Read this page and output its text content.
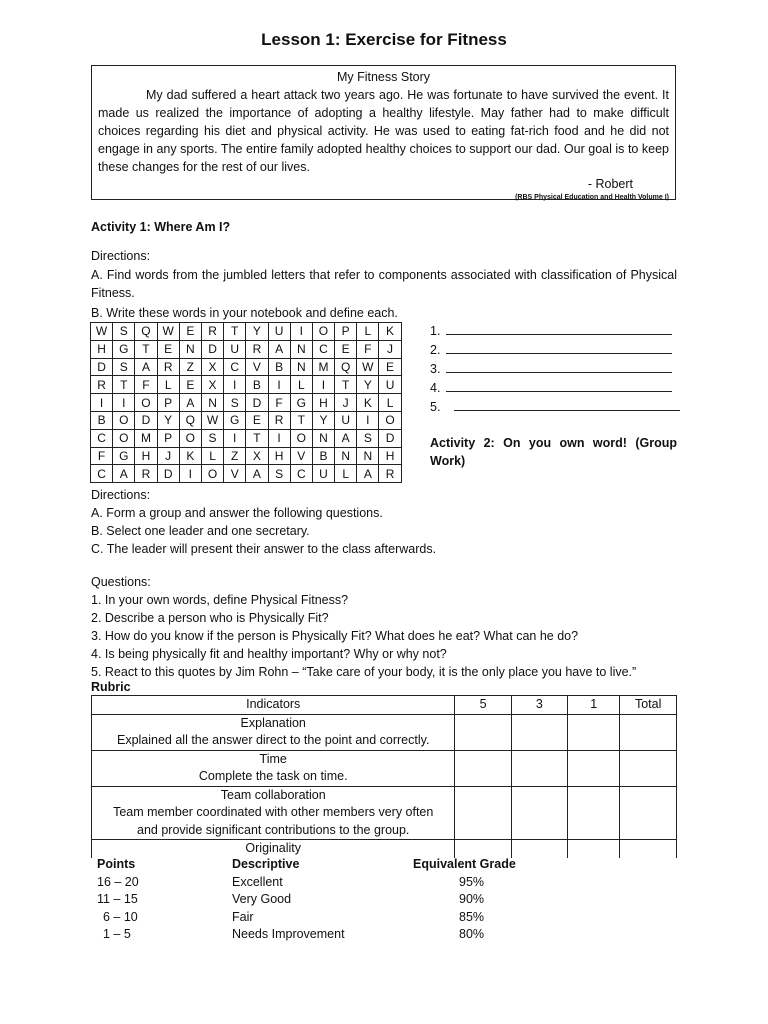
Lesson 1: Exercise for Fitness
My Fitness Story

My dad suffered a heart attack two years ago. He was fortunate to have survived the event. It made us realized the importance of adopting a healthy lifestyle. May father had to make difficult choices regarding his diet and physical activity. He was used to eating fat-rich food and he did not engage in any sports. The entire family adopted healthy choices to support our dad. Our goal is to keep these changes for the rest of our lives.

- Robert
(RBS Physical Education and Health Volume I)
Activity 1: Where Am I?
Directions:
A. Find words from the jumbled letters that refer to components associated with classification of Physical Fitness.
B. Write these words in your notebook and define each.
W	S	Q	W	E	R	T	Y	U	I	O	P	L	K
H	G	T	E	N	D	U	R	A	N	C	E	F	J
D	S	A	R	Z	X	C	V	B	N	M	Q	W	E
R	T	F	L	E	X	I	B	I	L	I	T	Y	U
I	I	O	P	A	N	S	D	F	G	H	J	K	L
B	O	D	Y	Q	W	G	E	R	T	Y	U	I	O
C	O	M	P	O	S	I	T	I	O	N	A	S	D
F	G	H	J	K	L	Z	X	H	V	B	N	N	H
C	A	R	D	I	O	V	A	S	C	U	L	A	R
1.
2.
3.
4.
5.
Activity 2: On you own word! (Group Work)
Directions:
A. Form a group and answer the following questions.
B. Select one leader and one secretary.
C. The leader will present their answer to the class afterwards.
Questions:
1. In your own words, define Physical Fitness?
2. Describe a person who is Physically Fit?
3. How do you know if the person is Physically Fit? What does he eat? What can he do?
4. Is being physically fit and healthy important? Why or why not?
5. React to this quotes by Jim Rohn – “Take care of your body, it is the only place you have to live.”
Rubric
Indicators	5	3	1	Total

Explanation
Explained all the answer direct to the point and correctly.				

Time
Complete the task on time.				

Team collaboration
Team member coordinated with other members very often and provide significant contributions to the group.				

Originality				
Points	Descriptive	Equivalent Grade
16 – 20	Excellent	95%
11 – 15	Very Good	90%
6 – 10	Fair	85%
1 – 5	Needs Improvement	80%
